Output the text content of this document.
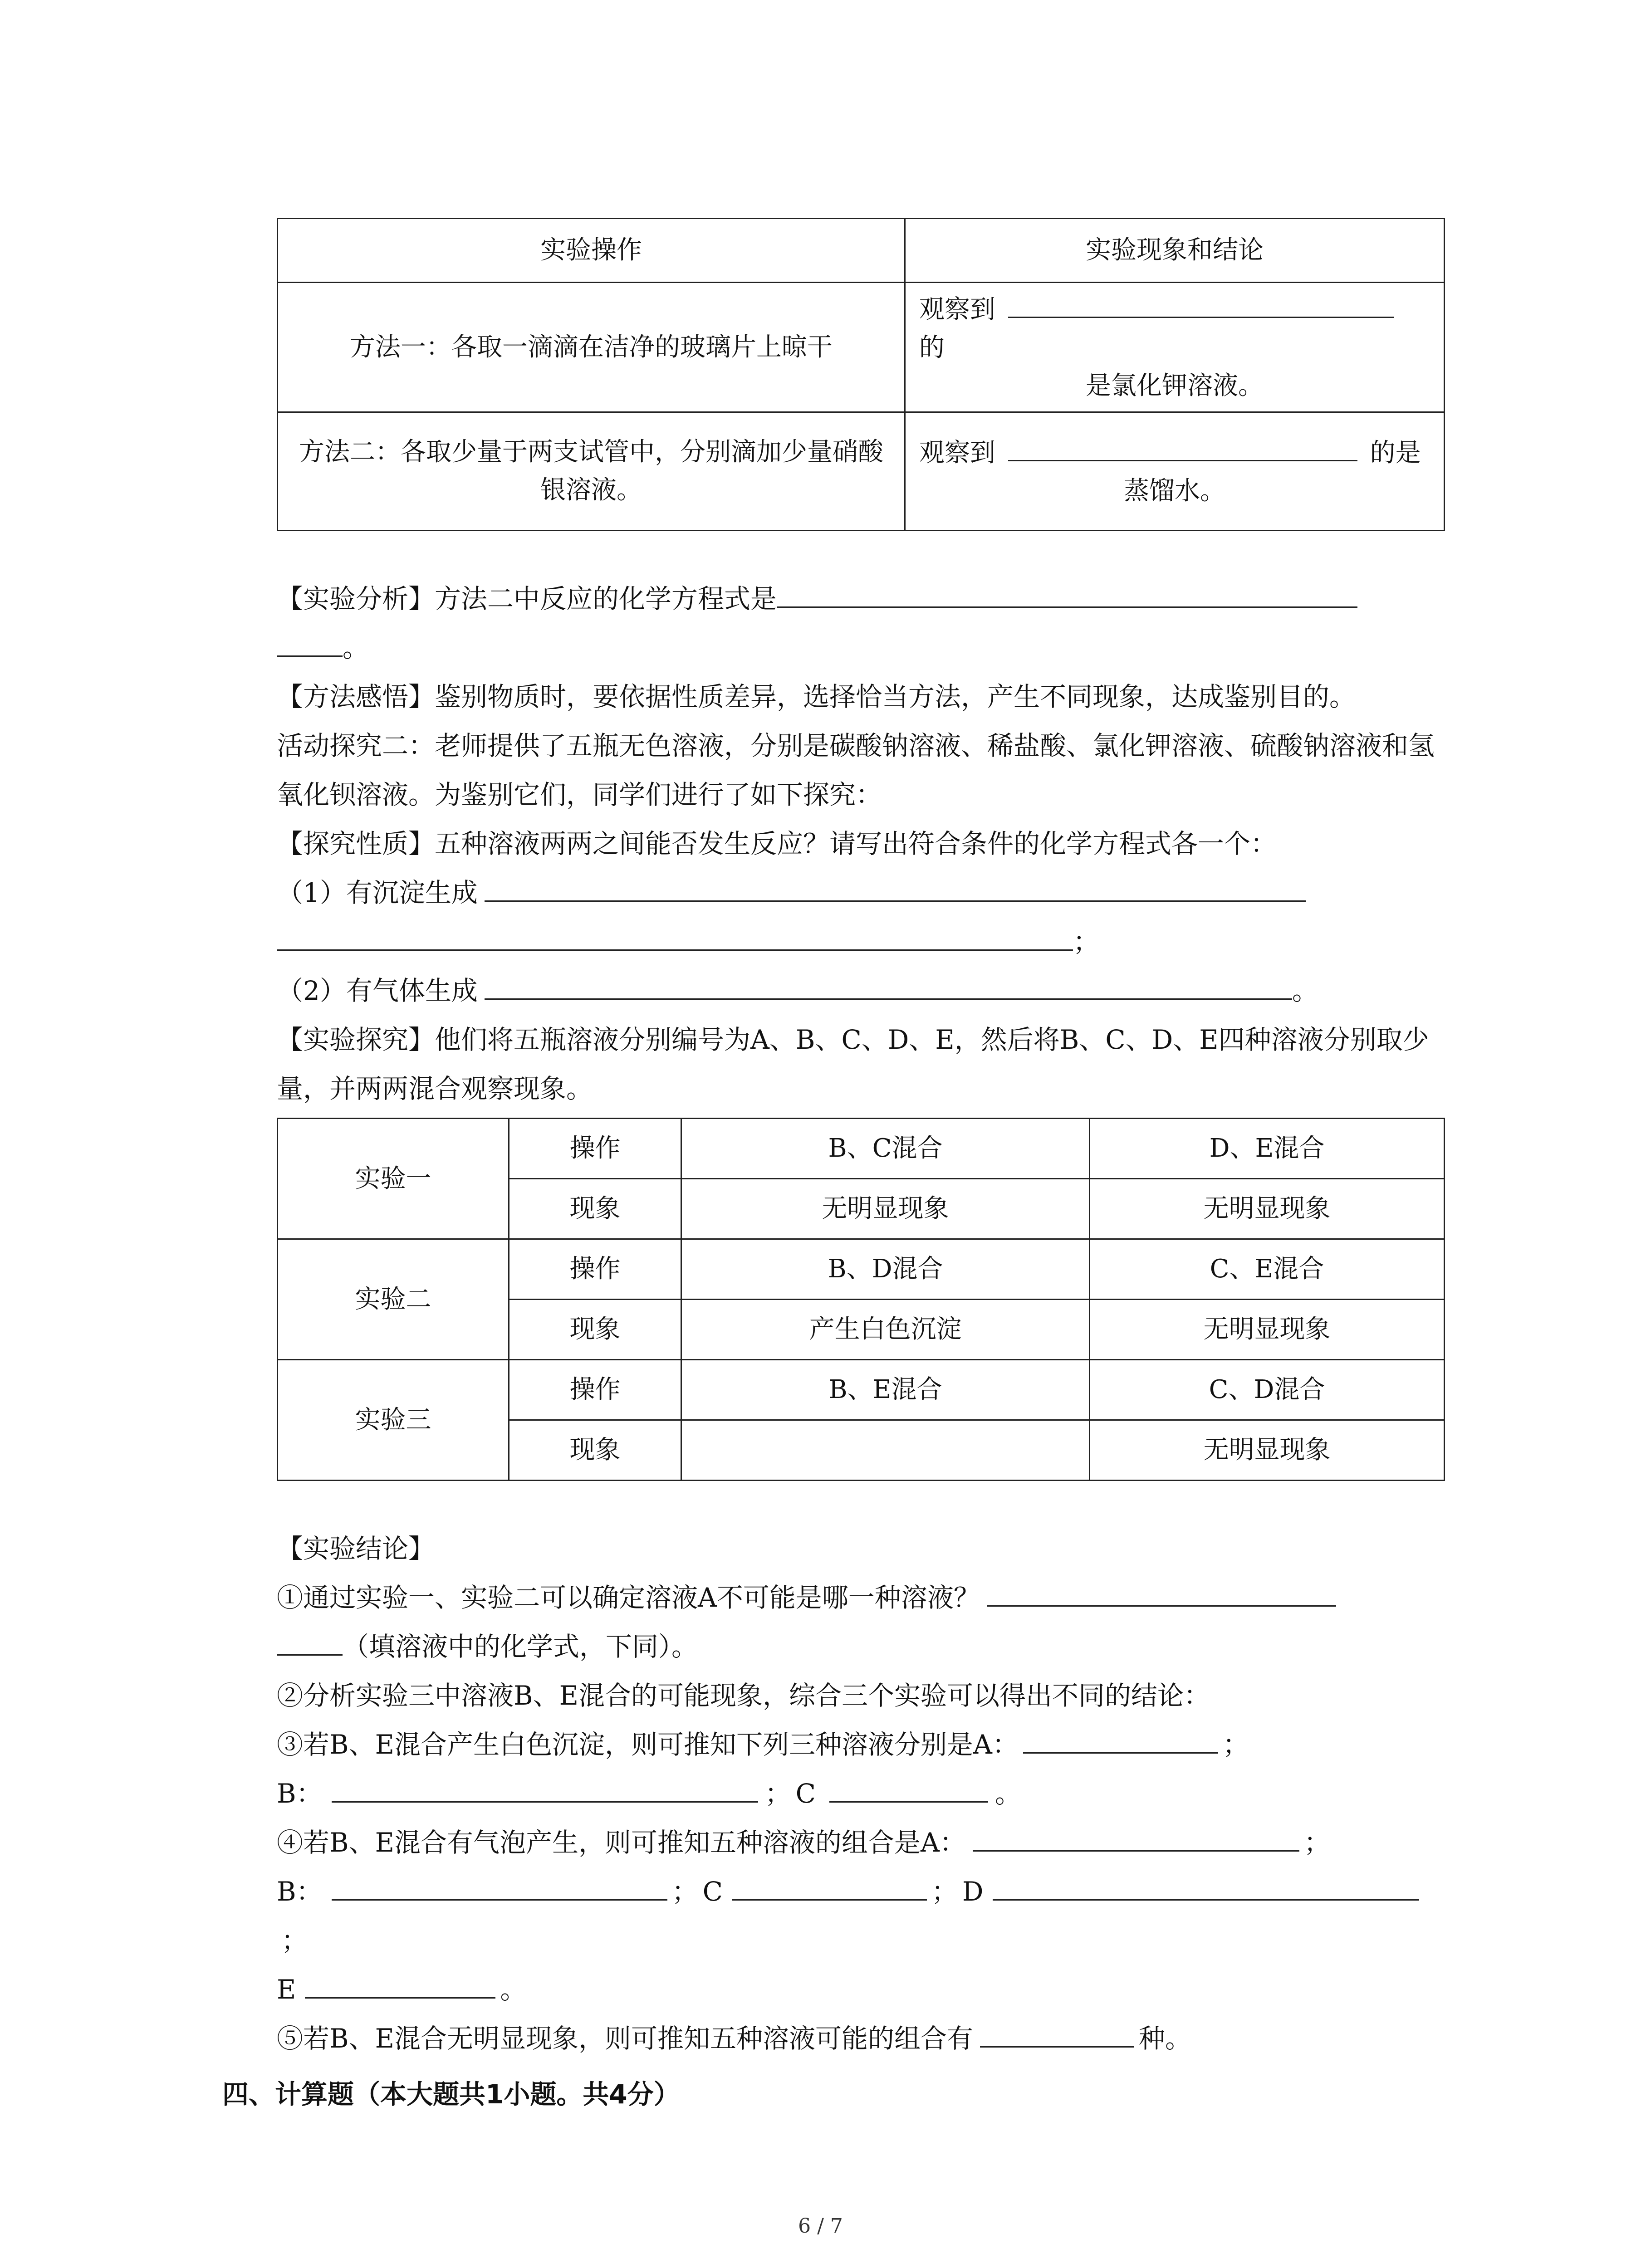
实验操作	实验现象和结论
方法一：各取一滴滴在洁净的玻璃片上晾干	观察到  的
是氯化钾溶液。
方法二：各取少量于两支试管中，分别滴加少量硝酸银溶液。	观察到 的是
蒸馏水。

【实验分析】方法二中反应的化学方程式是

。

【方法感悟】鉴别物质时，要依据性质差异，选择恰当方法，产生不同现象，达成鉴别目的。

活动探究二：老师提供了五瓶无色溶液，分别是碳酸钠溶液、稀盐酸、氯化钾溶液、硫酸钠溶液和氢氧化钡溶液。为鉴别它们，同学们进行了如下探究：

【探究性质】五种溶液两两之间能否发生反应？请写出符合条件的化学方程式各一个：

（1）有沉淀生成

；

（2）有气体生成	。

【实验探究】他们将五瓶溶液分别编号为A、B、C、D、E，然后将B、C、D、E四种溶液分别取少量，并两两混合观察现象。

实验一	操作	B、C混合	D、E混合
	现象	无明显现象	无明显现象
实验二	操作	B、D混合	C、E混合
	现象	产生白色沉淀	无明显现象
实验三	操作	B、E混合	C、D混合
	现象		无明显现象

【实验结论】

①通过实验一、实验二可以确定溶液A不可能是哪一种溶液？

（填溶液中的化学式，下同）。

②分析实验三中溶液B、E混合的可能现象，综合三个实验可以得出不同的结论：

③若B、E混合产生白色沉淀，则可推知下列三种溶液分别是A：	；

B：	； C	。

④若B、E混合有气泡产生，则可推知五种溶液的组合是A：	；

B：	； C	； D；

E	。

⑤若B、E混合无明显现象，则可推知五种溶液可能的组合有	种。

四、计算题（本大题共1小题。共4分）
6 / 7
